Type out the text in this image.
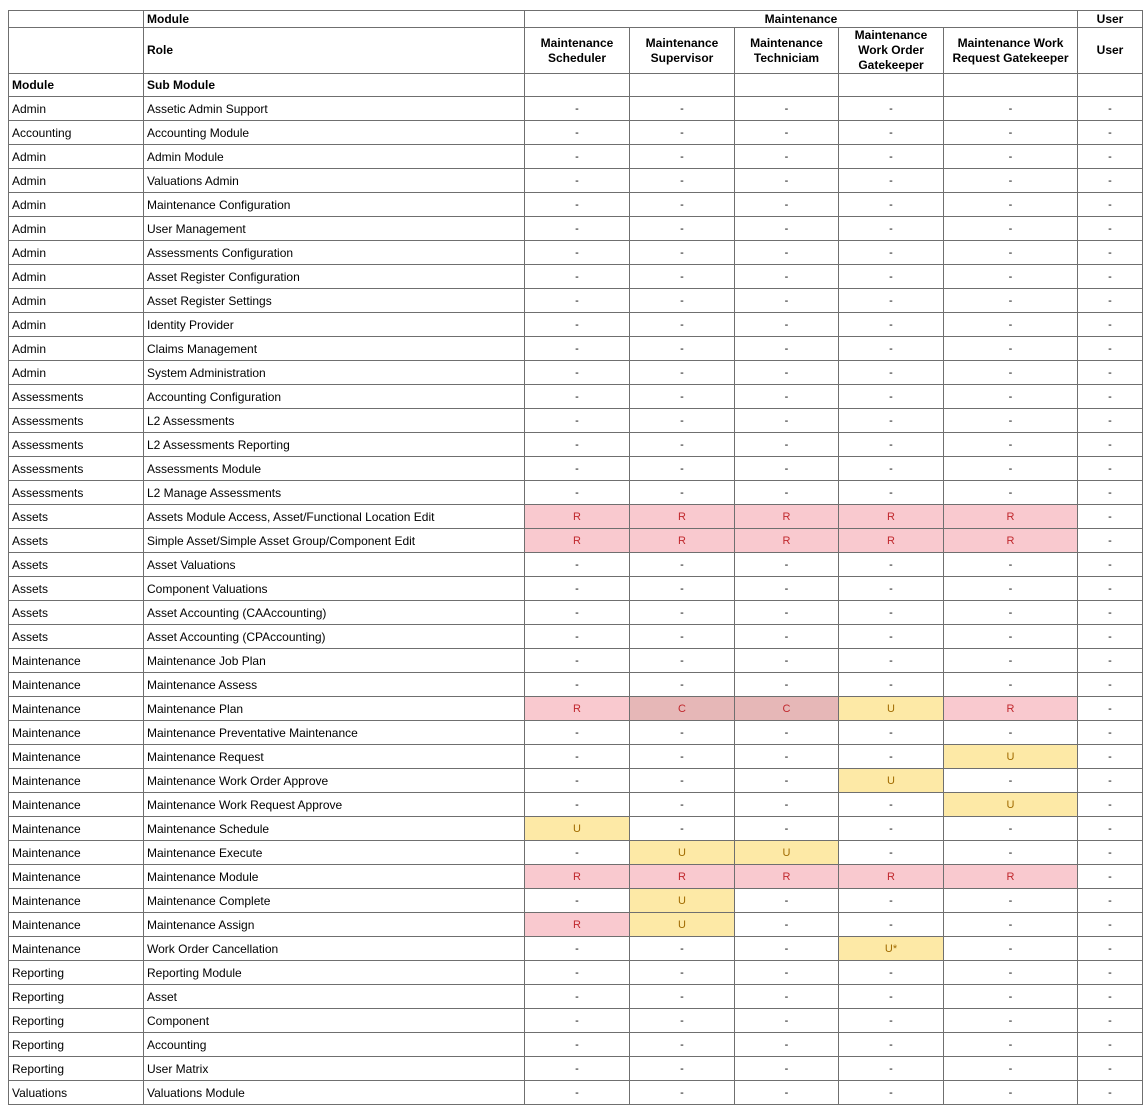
	Module	Maintenance					User
	Role	Maintenance Scheduler	Maintenance Supervisor	Maintenance Techniciam	Maintenance Work Order Gatekeeper	Maintenance Work Request Gatekeeper	User
Module	Sub Module						
Admin	Assetic Admin Support	-	-	-	-	-	-
Accounting	Accounting Module	-	-	-	-	-	-
Admin	Admin Module	-	-	-	-	-	-
Admin	Valuations Admin	-	-	-	-	-	-
Admin	Maintenance Configuration	-	-	-	-	-	-
Admin	User Management	-	-	-	-	-	-
Admin	Assessments Configuration	-	-	-	-	-	-
Admin	Asset Register Configuration	-	-	-	-	-	-
Admin	Asset Register Settings	-	-	-	-	-	-
Admin	Identity Provider	-	-	-	-	-	-
Admin	Claims Management	-	-	-	-	-	-
Admin	System Administration	-	-	-	-	-	-
Assessments	Accounting Configuration	-	-	-	-	-	-
Assessments	L2 Assessments	-	-	-	-	-	-
Assessments	L2 Assessments Reporting	-	-	-	-	-	-
Assessments	Assessments Module	-	-	-	-	-	-
Assessments	L2 Manage Assessments	-	-	-	-	-	-
Assets	Assets Module Access, Asset/Functional Location Edit	R	R	R	R	R	-
Assets	Simple Asset/Simple Asset Group/Component Edit	R	R	R	R	R	-
Assets	Asset Valuations	-	-	-	-	-	-
Assets	Component Valuations	-	-	-	-	-	-
Assets	Asset Accounting (CAAccounting)	-	-	-	-	-	-
Assets	Asset Accounting (CPAccounting)	-	-	-	-	-	-
Maintenance	Maintenance Job Plan	-	-	-	-	-	-
Maintenance	Maintenance Assess	-	-	-	-	-	-
Maintenance	Maintenance Plan	R	C	C	U	R	-
Maintenance	Maintenance Preventative Maintenance	-	-	-	-	-	-
Maintenance	Maintenance Request	-	-	-	-	U	-
Maintenance	Maintenance Work Order Approve	-	-	-	U	-	-
Maintenance	Maintenance Work Request Approve	-	-	-	-	U	-
Maintenance	Maintenance Schedule	U	-	-	-	-	-
Maintenance	Maintenance Execute	-	U	U	-	-	-
Maintenance	Maintenance Module	R	R	R	R	R	-
Maintenance	Maintenance Complete	-	U	-	-	-	-
Maintenance	Maintenance Assign	R	U	-	-	-	-
Maintenance	Work Order Cancellation	-	-	-	U*	-	-
Reporting	Reporting Module	-	-	-	-	-	-
Reporting	Asset	-	-	-	-	-	-
Reporting	Component	-	-	-	-	-	-
Reporting	Accounting	-	-	-	-	-	-
Reporting	User Matrix	-	-	-	-	-	-
Valuations	Valuations Module	-	-	-	-	-	-
